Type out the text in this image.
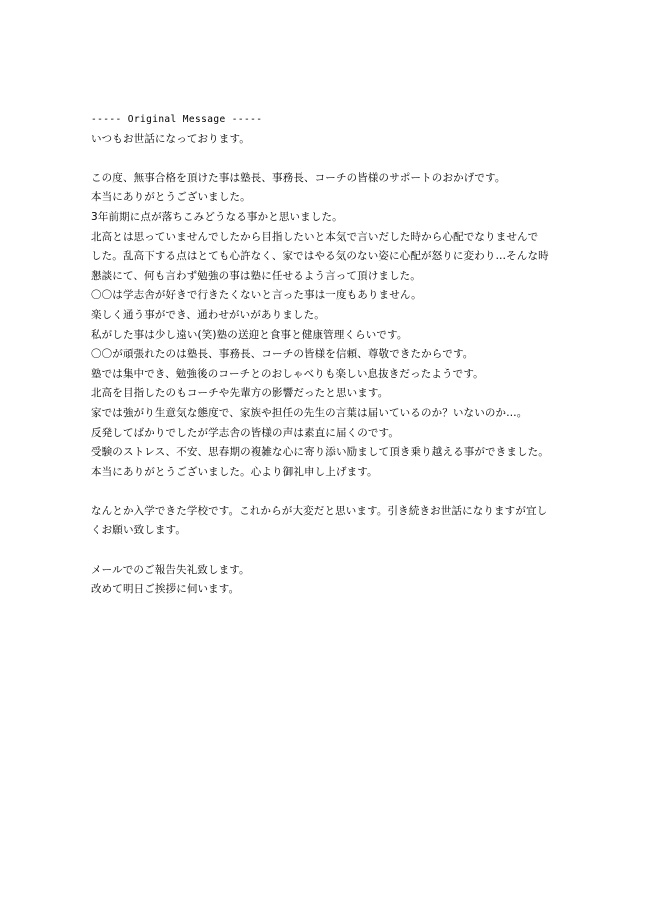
----- Original Message -----
いつもお世話になっております。
この度、無事合格を頂けた事は塾長、事務長、コーチの皆様のサポートのおかげです。
本当にありがとうございました。
3年前期に点が落ちこみどうなる事かと思いました。
北高とは思っていませんでしたから目指したいと本気で言いだした時から心配でなりませんで
した。乱高下する点はとても心許なく、家ではやる気のない姿に心配が怒りに変わり…そんな時
懇談にて、何も言わず勉強の事は塾に任せるよう言って頂けました。
〇〇は学志舎が好きで行きたくないと言った事は一度もありません。
楽しく通う事ができ、通わせがいがありました。
私がした事は少し遠い(笑)塾の送迎と食事と健康管理くらいです。
〇〇が頑張れたのは塾長、事務長、コーチの皆様を信頼、尊敬できたからです。
塾では集中でき、勉強後のコーチとのおしゃべりも楽しい息抜きだったようです。
北高を目指したのもコーチや先輩方の影響だったと思います。
家では強がり生意気な態度で、家族や担任の先生の言葉は届いているのか？いないのか…。
反発してばかりでしたが学志舎の皆様の声は素直に届くのです。
受験のストレス、不安、思春期の複雑な心に寄り添い励まして頂き乗り越える事ができました。
本当にありがとうございました。心より御礼申し上げます。
なんとか入学できた学校です。これからが大変だと思います。引き続きお世話になりますが宜し
くお願い致します。
メールでのご報告失礼致します。
改めて明日ご挨拶に伺います。
